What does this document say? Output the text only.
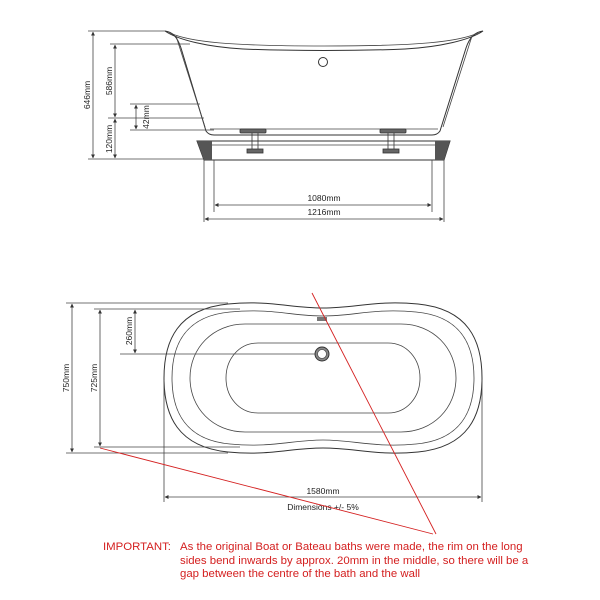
646mm 586mm
42mm
120mm
1080mm
1216mm
750mm 725mm
260mm
1580mm
Dimensions +/- 5%
IMPORTANT: As the original Boat or Bateau baths were made, the rim on the long sides bend inwards by approx. 20mm in the middle, so there will be a gap between the centre of the bath and the wall
